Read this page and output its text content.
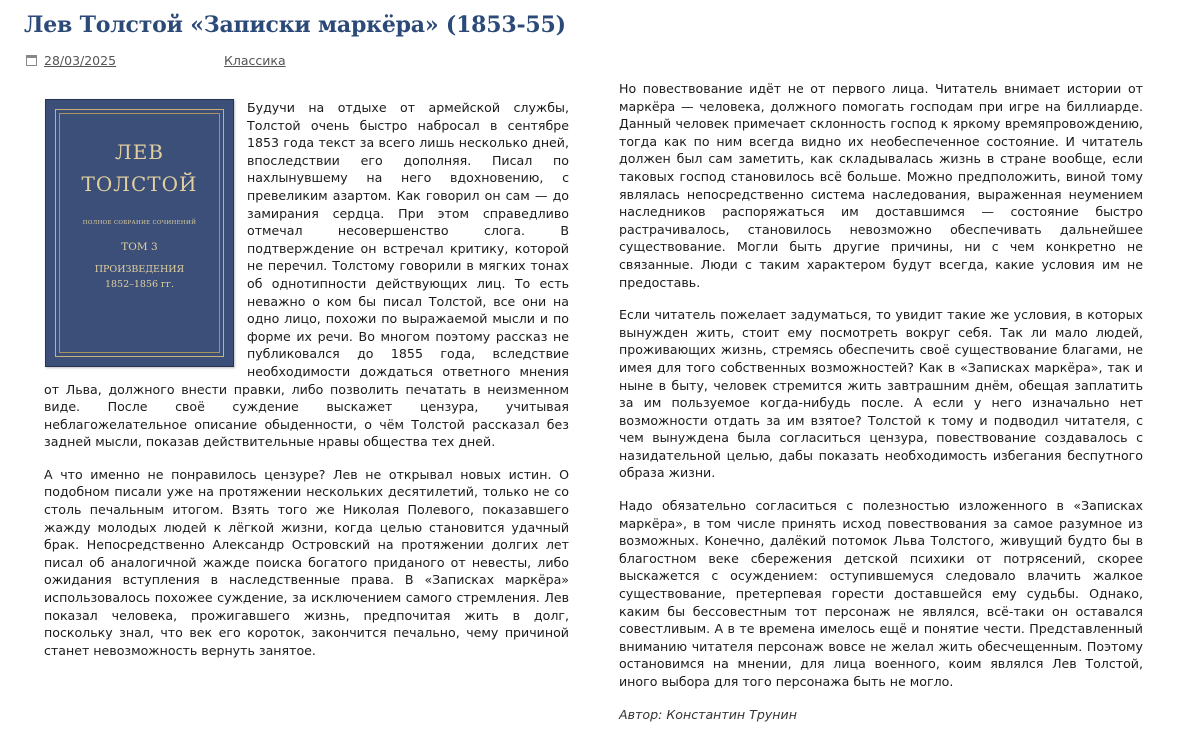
Лев Толстой «Записки маркёра» (1853-55)
28/03/2025	Классика
ЛЕВ
ТОЛСТОЙ
ПОЛНОЕ СОБРАНИЕ СОЧИНЕНИЙ
ТОМ 3
ПРОИЗВЕДЕНИЯ
1852–1856 гг.

Будучи на отдыхе от армейской службы, Толстой очень быстро набросал в сентябре 1853 года текст за всего лишь несколько дней, впоследствии его дополняя. Писал по нахлынувшему на него вдохновению, с превеликим азартом. Как говорил он сам — до замирания сердца. При этом справедливо отмечал несовершенство слога. В подтверждение он встречал критику, которой не перечил. Толстому говорили в мягких тонах об однотипности действующих лиц. То есть неважно о ком бы писал Толстой, все они на одно лицо, похожи по выражаемой мысли и по форме их речи. Во многом поэтому рассказ не публиковался до 1855 года, вследствие необходимости дождаться ответного мнения от Льва, должного внести правки, либо позволить печатать в неизменном виде. После своё суждение выскажет цензура, учитывая неблагожелательное описание обыденности, о чём Толстой рассказал без задней мысли, показав действительные нравы общества тех дней.

А что именно не понравилось цензуре? Лев не открывал новых истин. О подобном писали уже на протяжении нескольких десятилетий, только не со столь печальным итогом. Взять того же Николая Полевого, показавшего жажду молодых людей к лёгкой жизни, когда целью становится удачный брак. Непосредственно Александр Островский на протяжении долгих лет писал об аналогичной жажде поиска богатого приданого от невесты, либо ожидания вступления в наследственные права. В «Записках маркёра» использовалось похожее суждение, за исключением самого стремления. Лев показал человека, прожигавшего жизнь, предпочитая жить в долг, поскольку знал, что век его короток, закончится печально, чему причиной станет невозможность вернуть занятое.

Но повествование идёт не от первого лица. Читатель внимает истории от маркёра — человека, должного помогать господам при игре на биллиарде. Данный человек примечает склонность господ к яркому времяпровождению, тогда как по ним всегда видно их необеспеченное состояние. И читатель должен был сам заметить, как складывалась жизнь в стране вообще, если таковых господ становилось всё больше. Можно предположить, виной тому являлась непосредственно система наследования, выраженная неумением наследников распоряжаться им доставшимся — состояние быстро растрачивалось, становилось невозможно обеспечивать дальнейшее существование. Могли быть другие причины, ни с чем конкретно не связанные. Люди с таким характером будут всегда, какие условия им не предоставь.

Если читатель пожелает задуматься, то увидит такие же условия, в которых вынужден жить, стоит ему посмотреть вокруг себя. Так ли мало людей, проживающих жизнь, стремясь обеспечить своё существование благами, не имея для того собственных возможностей? Как в «Записках маркёра», так и ныне в быту, человек стремится жить завтрашним днём, обещая заплатить за им пользуемое когда-нибудь после. А если у него изначально нет возможности отдать за им взятое? Толстой к тому и подводил читателя, с чем вынуждена была согласиться цензура, повествование создавалось с назидательной целью, дабы показать необходимость избегания беспутного образа жизни.

Надо обязательно согласиться с полезностью изложенного в «Записках маркёра», в том числе принять исход повествования за самое разумное из возможных. Конечно, далёкий потомок Льва Толстого, живущий будто бы в благостном веке сбережения детской психики от потрясений, скорее выскажется с осуждением: оступившемуся следовало влачить жалкое существование, претерпевая горести доставшейся ему судьбы. Однако, каким бы бессовестным тот персонаж не являлся, всё-таки он оставался совестливым. А в те времена имелось ещё и понятие чести. Представленный вниманию читателя персонаж вовсе не желал жить обесчещенным. Поэтому остановимся на мнении, для лица военного, коим являлся Лев Толстой, иного выбора для того персонажа быть не могло.

Автор: Константин Трунин
